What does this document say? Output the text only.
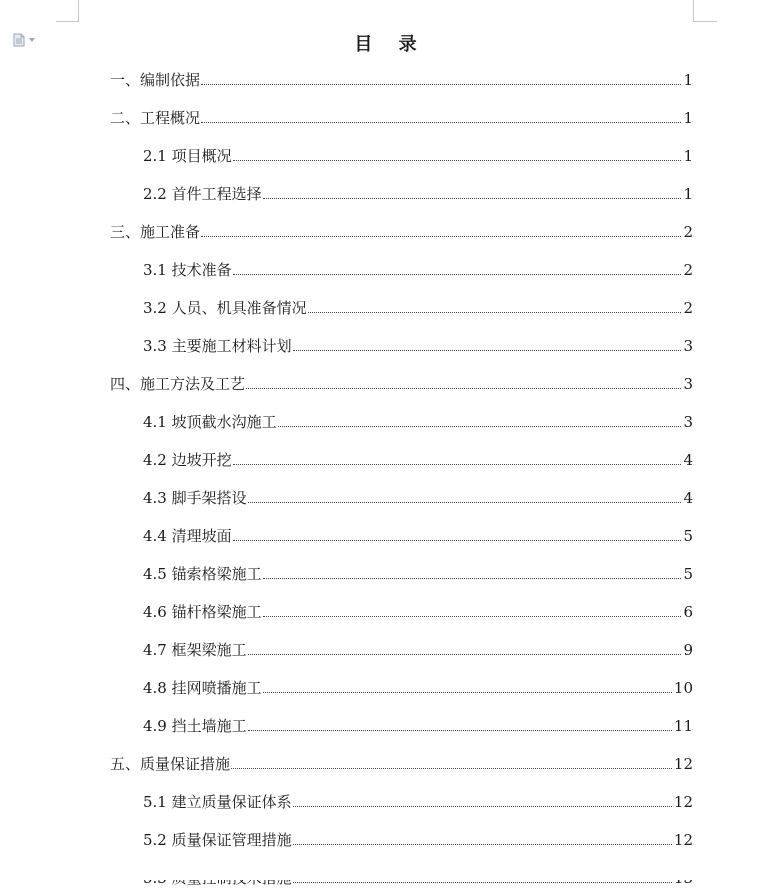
目 录
一、编制依据	1
二、工程概况	1
2.1 项目概况	1
2.2 首件工程选择	1
三、施工准备	2
3.1 技术准备	2
3.2 人员、机具准备情况	2
3.3 主要施工材料计划	3
四、施工方法及工艺	3
4.1 坡顶截水沟施工	3
4.2 边坡开挖	4
4.3 脚手架搭设	4
4.4 清理坡面	5
4.5 锚索格梁施工	5
4.6 锚杆格梁施工	6
4.7 框架梁施工	9
4.8 挂网喷播施工	10
4.9 挡土墙施工	11
五、质量保证措施	12
5.1 建立质量保证体系	12
5.2 质量保证管理措施	12
